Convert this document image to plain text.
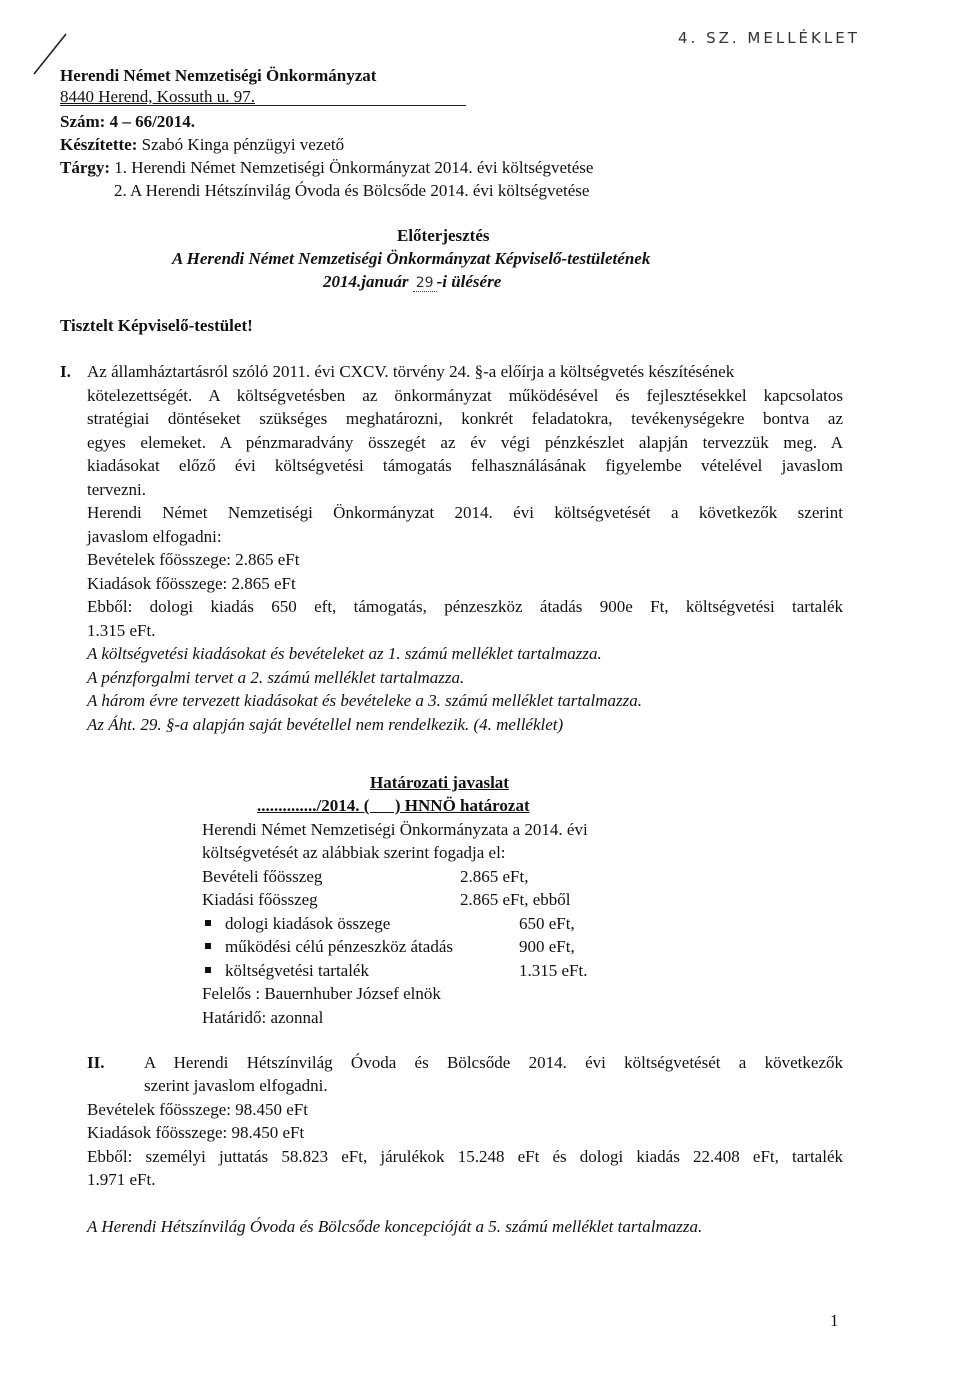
4. SZ. MELLÉKLET
Herendi Német Nemzetiségi Önkormányzat
8440 Herend, Kossuth u. 97.
Szám: 4 – 66/2014.
Készítette: Szabó Kinga pénzügyi vezető
Tárgy: 1. Herendi Német Nemzetiségi Önkormányzat 2014. évi költségvetése
2. A Herendi Hétszínvilág Óvoda és Bölcsőde 2014. évi költségvetése
Előterjesztés
A Herendi Német Nemzetiségi Önkormányzat Képviselő-testületének
2014.január 29 -i ülésére
Tisztelt Képviselő-testület!
I. Az államháztartásról szóló 2011. évi CXCV. törvény 24. §-a előírja a költségvetés készítésének
kötelezettségét. A költségvetésben az önkormányzat működésével és fejlesztésekkel kapcsolatos
stratégiai döntéseket szükséges meghatározni, konkrét feladatokra, tevékenységekre bontva az
egyes elemeket. A pénzmaradvány összegét az év végi pénzkészlet alapján tervezzük meg. A
kiadásokat előző évi költségvetési támogatás felhasználásának figyelembe vételével javaslom
tervezni.
Herendi Német Nemzetiségi Önkormányzat 2014. évi költségvetését a következők szerint
javaslom elfogadni:
Bevételek főösszege: 2.865 eFt
Kiadások főösszege: 2.865 eFt
Ebből: dologi kiadás 650 eft, támogatás, pénzeszköz átadás 900e Ft, költségvetési tartalék
1.315 eFt.
A költségvetési kiadásokat és bevételeket az 1. számú melléklet tartalmazza.
A pénzforgalmi tervet a 2. számú melléklet tartalmazza.
A három évre tervezett kiadásokat és bevételeke a 3. számú melléklet tartalmazza.
Az Áht. 29. §-a alapján saját bevétellel nem rendelkezik. (4. melléklet)
Határozati javaslat
............../2014. (      ) HNNÖ határozat
Herendi Német Nemzetiségi Önkormányzata a 2014. évi
költségvetését az alábbiak szerint fogadja el:
Bevételi főösszeg	2.865 eFt,
Kiadási főösszeg	2.865 eFt, ebből
dologi kiadások összege	650 eFt,
működési célú pénzeszköz átadás	900 eFt,
költségvetési tartalék	1.315 eFt.
Felelős : Bauernhuber József elnök
Határidő: azonnal
II. A Herendi Hétszínvilág Óvoda és Bölcsőde 2014. évi költségvetését a következők
szerint javaslom elfogadni.
Bevételek főösszege: 98.450 eFt
Kiadások főösszege: 98.450 eFt
Ebből: személyi juttatás 58.823 eFt, járulékok 15.248 eFt és dologi kiadás 22.408 eFt, tartalék
1.971 eFt.
A Herendi Hétszínvilág Óvoda és Bölcsőde koncepcióját a 5. számú melléklet tartalmazza.
1
